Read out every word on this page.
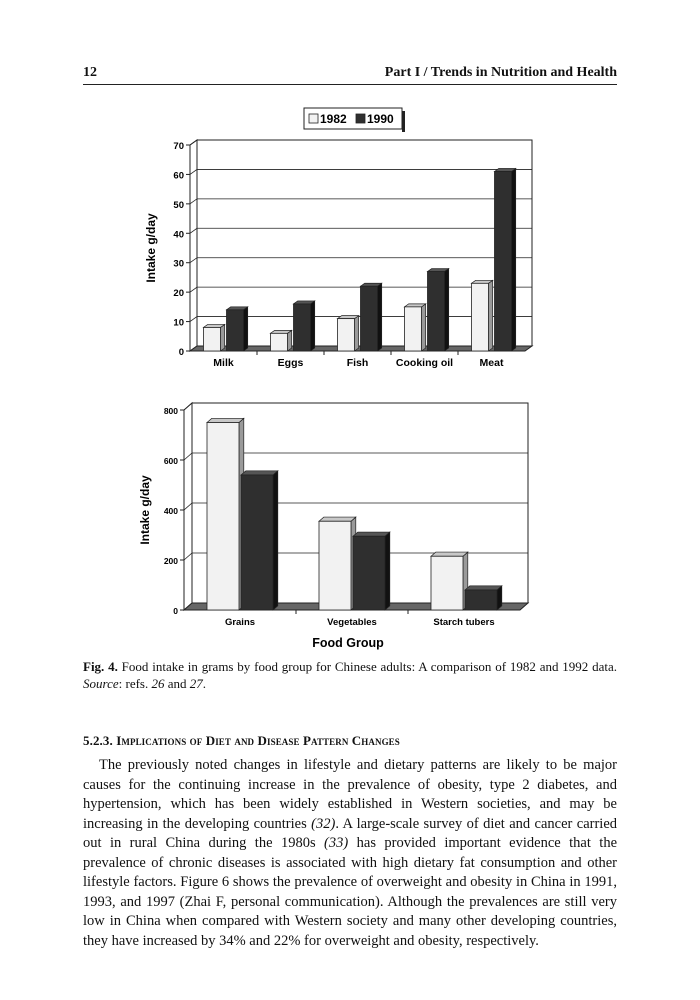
12	Part I / Trends in Nutrition and Health
1982 1990
0
10
20
30
40
50
60
70
Milk	Eggs	Fish	Cooking oil	Meat
Intake g/day
0
200
400
600
800
Grains	Vegetables	Starch tubers
Intake g/day
Food Group
Fig. 4. Food intake in grams by food group for Chinese adults: A comparison of 1982 and 1992 data. Source: refs. 26 and 27.
5.2.3. Implications of Diet and Disease Pattern Changes
The previously noted changes in lifestyle and dietary patterns are likely to be major causes for the continuing increase in the prevalence of obesity, type 2 diabetes, and hypertension, which has been widely established in Western societies, and may be increasing in the developing countries (32). A large-scale survey of diet and cancer carried out in rural China during the 1980s (33) has provided important evidence that the prevalence of chronic diseases is associated with high dietary fat consumption and other lifestyle factors. Figure 6 shows the prevalence of overweight and obesity in China in 1991, 1993, and 1997 (Zhai F, personal communication). Although the prevalences are still very low in China when compared with Western society and many other developing countries, they have increased by 34% and 22% for overweight and obesity, respectively.
